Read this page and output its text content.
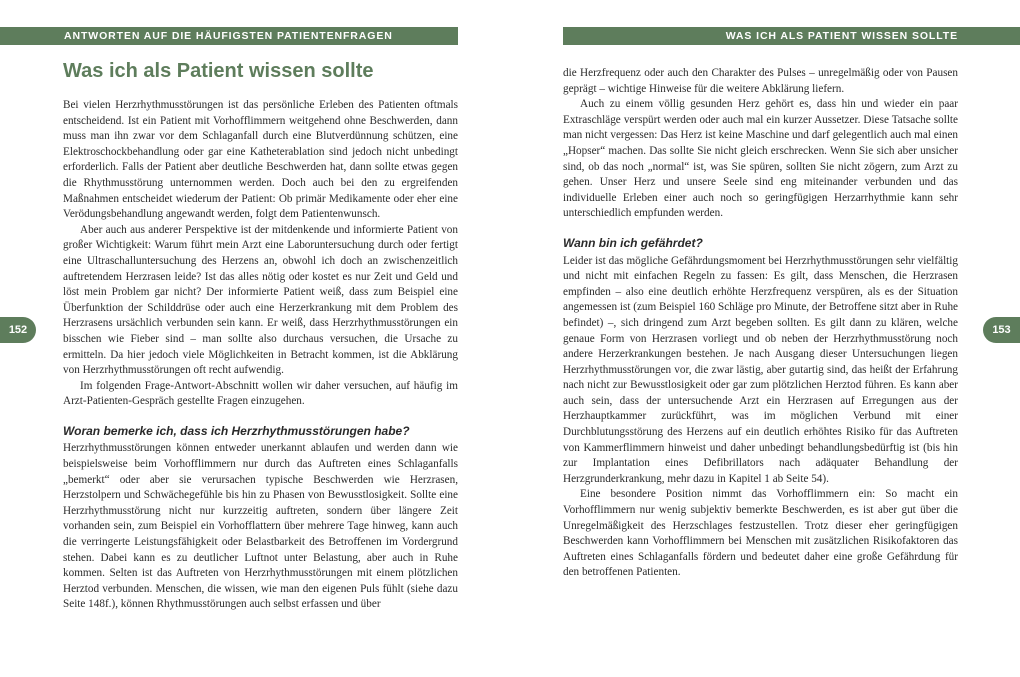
ANTWORTEN AUF DIE HÄUFIGSTEN PATIENTENFRAGEN	WAS ICH ALS PATIENT WISSEN SOLLTE
152	153
Was ich als Patient wissen sollte

Bei vielen Herzrhythmusstörungen ist das persönliche Erleben des Patienten oftmals entscheidend. Ist ein Patient mit Vorhofflimmern weitgehend ohne Beschwerden, dann muss man ihn zwar vor dem Schlaganfall durch eine Blutverdünnung schützen, eine Elektroschockbehandlung oder gar eine Katheterablation sind jedoch nicht unbedingt erforderlich. Falls der Patient aber deutliche Beschwerden hat, dann sollte etwas gegen die Rhythmusstörung unternommen werden. Doch auch bei den zu ergreifenden Maßnahmen entscheidet wiederum der Patient: Ob primär Medikamente oder eher eine Verödungsbehandlung angewandt werden, folgt dem Patientenwunsch.

Aber auch aus anderer Perspektive ist der mitdenkende und informierte Patient von großer Wichtigkeit: Warum führt mein Arzt eine Laboruntersuchung durch oder fertigt eine Ultraschalluntersuchung des Herzens an, obwohl ich doch an zwischenzeitlich auftretendem Herzrasen leide? Ist das alles nötig oder kostet es nur Zeit und Geld und löst mein Problem gar nicht? Der informierte Patient weiß, dass zum Beispiel eine Überfunktion der Schilddrüse oder auch eine Herzerkrankung mit dem Problem des Herzrasens ursächlich verbunden sein kann. Er weiß, dass Herzrhythmusstörungen ein bisschen wie Fieber sind – man sollte also durchaus versuchen, die Ursache zu ermitteln. Da hier jedoch viele Möglichkeiten in Betracht kommen, ist die Abklärung von Herzrhythmusstörungen oft recht aufwendig.

Im folgenden Frage-Antwort-Abschnitt wollen wir daher versuchen, auf häufig im Arzt-Patienten-Gespräch gestellte Fragen einzugehen.

Woran bemerke ich, dass ich Herzrhythmusstörungen habe?

Herzrhythmusstörungen können entweder unerkannt ablaufen und werden dann wie beispielsweise beim Vorhofflimmern nur durch das Auftreten eines Schlaganfalls „bemerkt“ oder aber sie verursachen typische Beschwerden wie Herzrasen, Herzstolpern und Schwächegefühle bis hin zu Phasen von Bewusstlosigkeit. Sollte eine Herzrhythmusstörung nicht nur kurzzeitig auftreten, sondern über längere Zeit vorhanden sein, zum Beispiel ein Vorhofflattern über mehrere Tage hinweg, kann auch die verringerte Leistungsfähigkeit oder Belastbarkeit des Betroffenen im Vordergrund stehen. Dabei kann es zu deutlicher Luftnot unter Belastung, aber auch in Ruhe kommen. Selten ist das Auftreten von Herzrhythmusstörungen mit einem plötzlichen Herztod verbunden. Menschen, die wissen, wie man den eigenen Puls fühlt (siehe dazu Seite 148f.), können Rhythmusstörungen auch selbst erfassen und über

die Herzfrequenz oder auch den Charakter des Pulses – unregelmäßig oder von Pausen geprägt – wichtige Hinweise für die weitere Abklärung liefern.

Auch zu einem völlig gesunden Herz gehört es, dass hin und wieder ein paar Extraschläge verspürt werden oder auch mal ein kurzer Aussetzer. Diese Tatsache sollte man nicht vergessen: Das Herz ist keine Maschine und darf gelegentlich auch mal einen „Hopser“ machen. Das sollte Sie nicht gleich erschrecken. Wenn Sie sich aber unsicher sind, ob das noch „normal“ ist, was Sie spüren, sollten Sie nicht zögern, zum Arzt zu gehen. Unser Herz und unsere Seele sind eng miteinander verbunden und das individuelle Erleben einer auch noch so geringfügigen Herzarrhythmie kann sehr unterschiedlich empfunden werden.

Wann bin ich gefährdet?

Leider ist das mögliche Gefährdungsmoment bei Herzrhythmusstörungen sehr vielfältig und nicht mit einfachen Regeln zu fassen: Es gilt, dass Menschen, die Herzrasen empfinden – also eine deutlich erhöhte Herzfrequenz verspüren, als es der Situation angemessen ist (zum Beispiel 160 Schläge pro Minute, der Betroffene sitzt aber in Ruhe befindet) –, sich dringend zum Arzt begeben sollten. Es gilt dann zu klären, welche genaue Form von Herzrasen vorliegt und ob neben der Herzrhythmusstörung noch andere Herzerkrankungen bestehen. Je nach Ausgang dieser Untersuchungen liegen Herzrhythmusstörungen vor, die zwar lästig, aber gutartig sind, das heißt der Erfahrung nach nicht zur Bewusstlosigkeit oder gar zum plötzlichen Herztod führen. Es kann aber auch sein, dass der untersuchende Arzt ein Herzrasen auf Erregungen aus der Herzhauptkammer zurückführt, was im möglichen Verbund mit einer Durchblutungsstörung des Herzens auf ein deutlich erhöhtes Risiko für das Auftreten von Kammerflimmern hinweist und daher unbedingt behandlungsbedürftig ist (bis hin zur Implantation eines Defibrillators nach adäquater Behandlung der Herzgrunderkrankung, mehr dazu in Kapitel 1 ab Seite 54).

Eine besondere Position nimmt das Vorhofflimmern ein: So macht ein Vorhofflimmern nur wenig subjektiv bemerkte Beschwerden, es ist aber gut über die Unregelmäßigkeit des Herzschlages festzustellen. Trotz dieser eher geringfügigen Beschwerden kann Vorhofflimmern bei Menschen mit zusätzlichen Risikofaktoren das Auftreten eines Schlaganfalls fördern und bedeutet daher eine große Gefährdung für den betroffenen Patienten.
